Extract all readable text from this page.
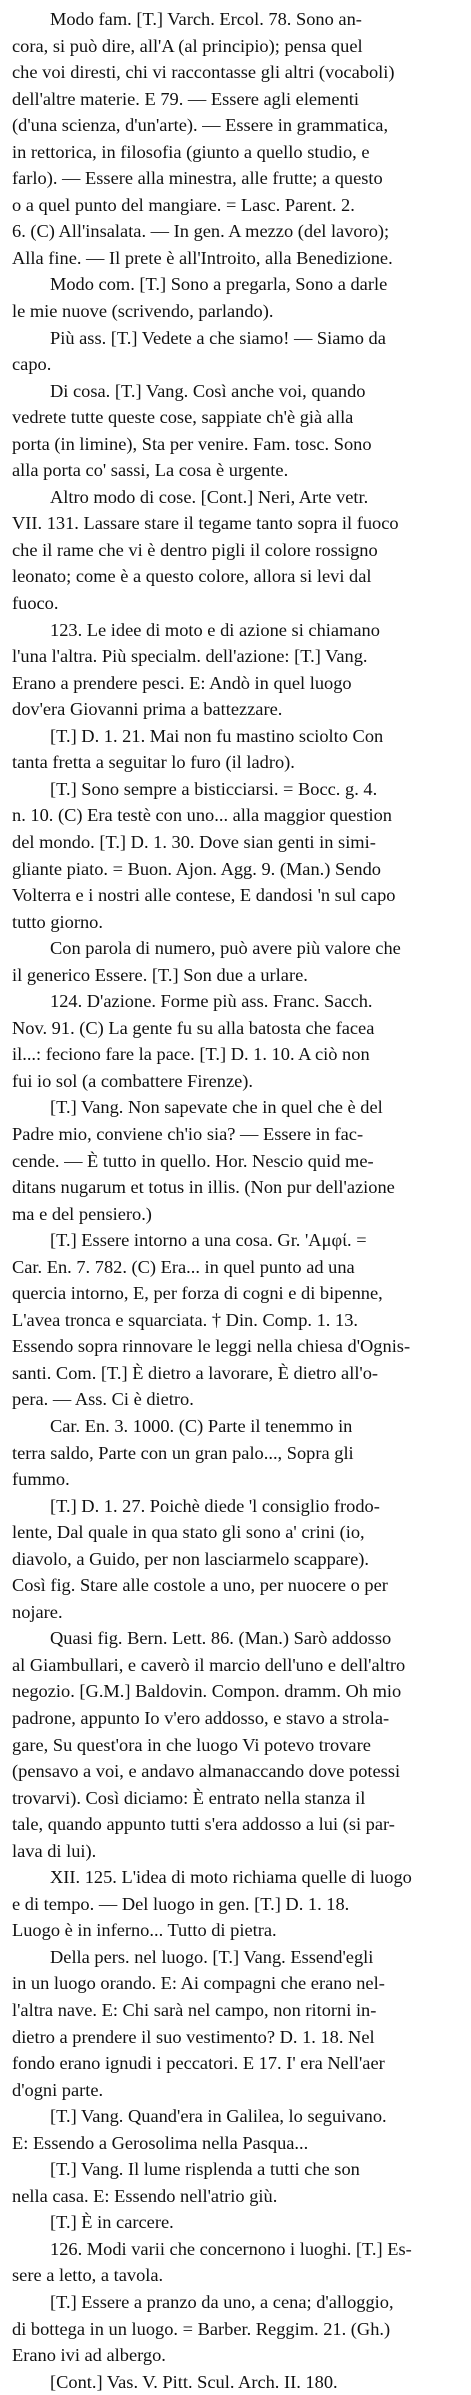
Modo fam. [T.] Varch. Ercol. 78. Sono an-
cora, si può dire, all'A (al principio); pensa quel
che voi diresti, chi vi raccontasse gli altri (vocaboli)
dell'altre materie. E 79. — Essere agli elementi
(d'una scienza, d'un'arte). — Essere in grammatica,
in rettorica, in filosofia (giunto a quello studio, e
farlo). — Essere alla minestra, alle frutte; a questo
o a quel punto del mangiare. = Lasc. Parent. 2.
6. (C) All'insalata. — In gen. A mezzo (del lavoro);
Alla fine. — Il prete è all'Introito, alla Benedizione.
Modo com. [T.] Sono a pregarla, Sono a darle
le mie nuove (scrivendo, parlando).
Più ass. [T.] Vedete a che siamo! — Siamo da
capo.
Di cosa. [T.] Vang. Così anche voi, quando
vedrete tutte queste cose, sappiate ch'è già alla
porta (in limine), Sta per venire. Fam. tosc. Sono
alla porta co' sassi, La cosa è urgente.
Altro modo di cose. [Cont.] Neri, Arte vetr.
VII. 131. Lassare stare il tegame tanto sopra il fuoco
che il rame che vi è dentro pigli il colore rossigno
leonato; come è a questo colore, allora si levi dal
fuoco.
123. Le idee di moto e di azione si chiamano
l'una l'altra. Più specialm. dell'azione: [T.] Vang.
Erano a prendere pesci. E: Andò in quel luogo
dov'era Giovanni prima a battezzare.
[T.] D. 1. 21. Mai non fu mastino sciolto Con
tanta fretta a seguitar lo furo (il ladro).
[T.] Sono sempre a bisticciarsi. = Bocc. g. 4.
n. 10. (C) Era testè con uno... alla maggior question
del mondo. [T.] D. 1. 30. Dove sian genti in simi-
gliante piato. = Buon. Ajon. Agg. 9. (Man.) Sendo
Volterra e i nostri alle contese, E dandosi 'n sul capo
tutto giorno.
Con parola di numero, può avere più valore che
il generico Essere. [T.] Son due a urlare.
124. D'azione. Forme più ass. Franc. Sacch.
Nov. 91. (C) La gente fu su alla batosta che facea
il...: feciono fare la pace. [T.] D. 1. 10. A ciò non
fui io sol (a combattere Firenze).
[T.] Vang. Non sapevate che in quel che è del
Padre mio, conviene ch'io sia? — Essere in fac-
cende. — È tutto in quello. Hor. Nescio quid me-
ditans nugarum et totus in illis. (Non pur dell'azione
ma e del pensiero.)
[T.] Essere intorno a una cosa. Gr. 'Αμφί. =
Car. En. 7. 782. (C) Era... in quel punto ad una
quercia intorno, E, per forza di cogni e di bipenne,
L'avea tronca e squarciata. † Din. Comp. 1. 13.
Essendo sopra rinnovare le leggi nella chiesa d'Ognis-
santi. Com. [T.] È dietro a lavorare, È dietro all'o-
pera. — Ass. Ci è dietro.
Car. En. 3. 1000. (C) Parte il tenemmo in
terra saldo, Parte con un gran palo..., Sopra gli
fummo.
[T.] D. 1. 27. Poichè diede 'l consiglio frodo-
lente, Dal quale in qua stato gli sono a' crini (io,
diavolo, a Guido, per non lasciarmelo scappare).
Così fig. Stare alle costole a uno, per nuocere o per
nojare.
Quasi fig. Bern. Lett. 86. (Man.) Sarò addosso
al Giambullari, e caverò il marcio dell'uno e dell'altro
negozio. [G.M.] Baldovin. Compon. dramm. Oh mio
padrone, appunto Io v'ero addosso, e stavo a strola-
gare, Su quest'ora in che luogo Vi potevo trovare
(pensavo a voi, e andavo almanaccando dove potessi
trovarvi). Così diciamo: È entrato nella stanza il
tale, quando appunto tutti s'era addosso a lui (si par-
lava di lui).
XII. 125. L'idea di moto richiama quelle di luogo
e di tempo. — Del luogo in gen. [T.] D. 1. 18.
Luogo è in inferno... Tutto di pietra.
Della pers. nel luogo. [T.] Vang. Essend'egli
in un luogo orando. E: Ai compagni che erano nel-
l'altra nave. E: Chi sarà nel campo, non ritorni in-
dietro a prendere il suo vestimento? D. 1. 18. Nel
fondo erano ignudi i peccatori. E 17. I' era Nell'aer
d'ogni parte.
[T.] Vang. Quand'era in Galilea, lo seguivano.
E: Essendo a Gerosolima nella Pasqua...
[T.] Vang. Il lume risplenda a tutti che son
nella casa. E: Essendo nell'atrio giù.
[T.] È in carcere.
126. Modi varii che concernono i luoghi. [T.] Es-
sere a letto, a tavola.
[T.] Essere a pranzo da uno, a cena; d'alloggio,
di bottega in un luogo. = Barber. Reggim. 21. (Gh.)
Erano ivi ad albergo.
[Cont.] Vas. V. Pitt. Scul. Arch. II. 180.
